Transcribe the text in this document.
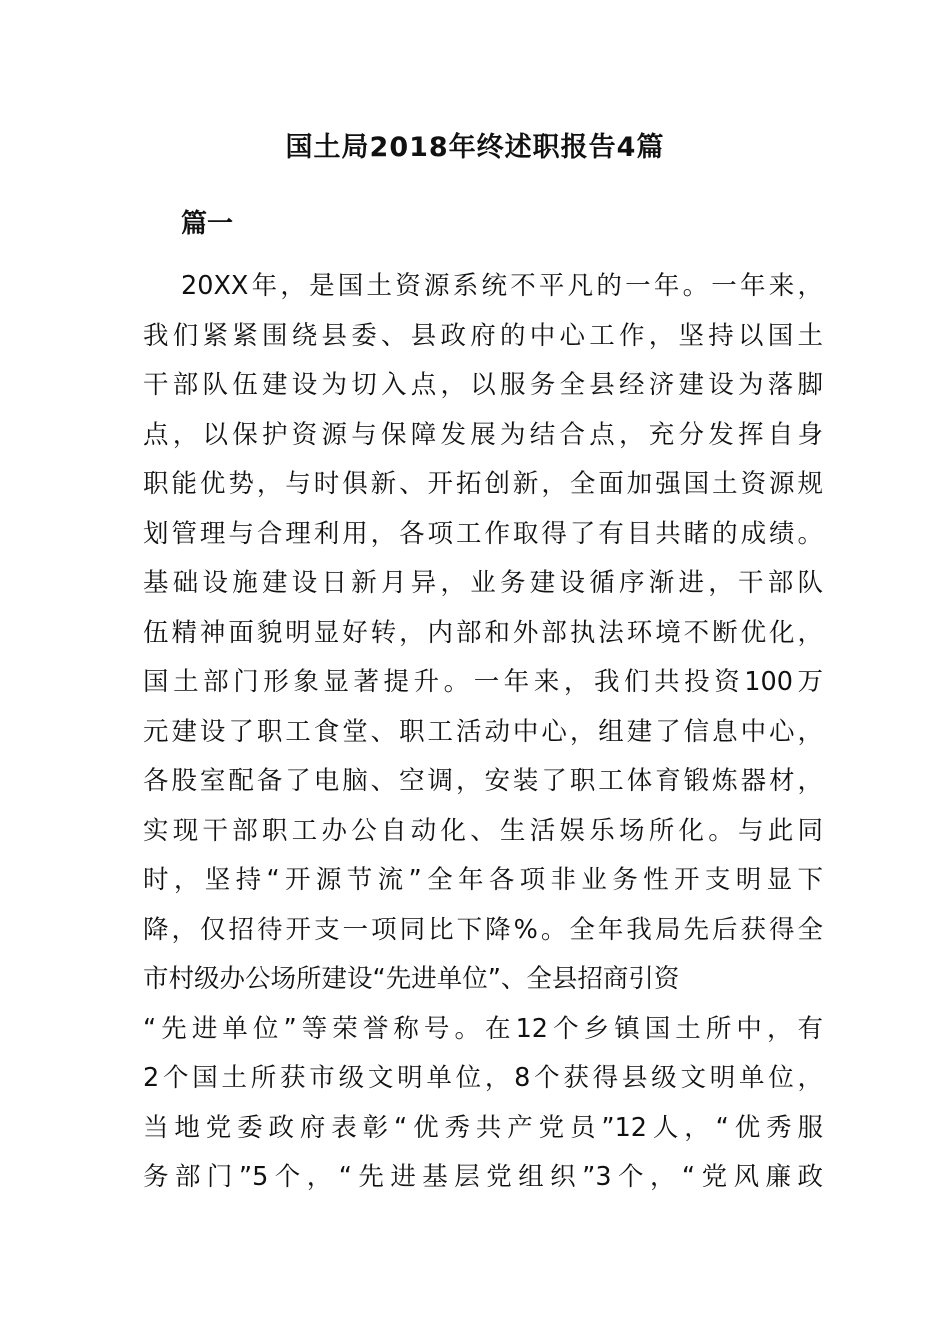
国土局2018年终述职报告4篇
篇一
20XX年，是国土资源系统不平凡的一年。一年来，
我们紧紧围绕县委、县政府的中心工作，坚持以国土
干部队伍建设为切入点，以服务全县经济建设为落脚
点，以保护资源与保障发展为结合点，充分发挥自身
职能优势，与时俱新、开拓创新，全面加强国土资源规
划管理与合理利用，各项工作取得了有目共睹的成绩。
基础设施建设日新月异，业务建设循序渐进，干部队
伍精神面貌明显好转，内部和外部执法环境不断优化，
国土部门形象显著提升。一年来，我们共投资100万
元建设了职工食堂、职工活动中心，组建了信息中心，
各股室配备了电脑、空调，安装了职工体育锻炼器材，
实现干部职工办公自动化、生活娱乐场所化。与此同
时，坚持“开源节流”全年各项非业务性开支明显下
降，仅招待开支一项同比下降%。全年我局先后获得全
市村级办公场所建设“先进单位”、全县招商引资
“先进单位”等荣誉称号。在12个乡镇国土所中，有
2个国土所获市级文明单位，8个获得县级文明单位，
当地党委政府表彰“优秀共产党员”12人，“优秀服
务部门”5个，“先进基层党组织”3个，“党风廉政
